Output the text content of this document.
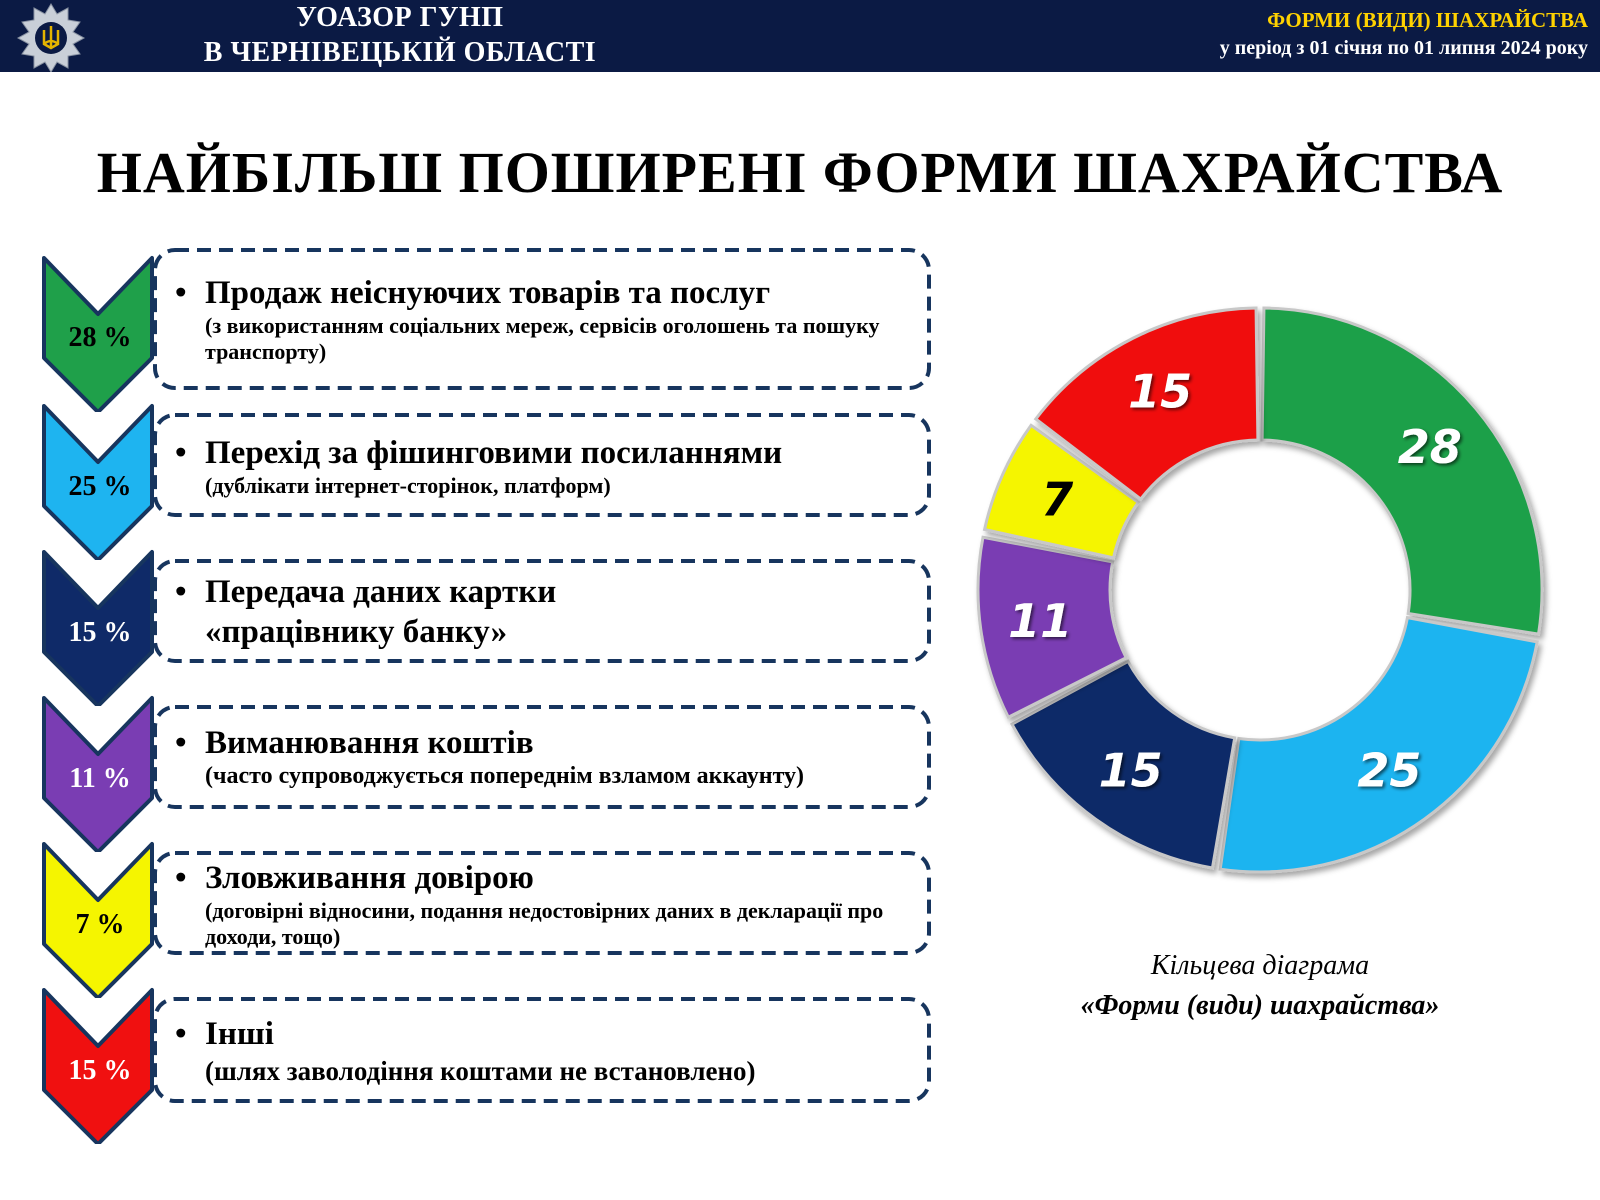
УОАЗОР ГУНП
В ЧЕРНІВЕЦЬКІЙ ОБЛАСТІ
ФОРМИ (ВИДИ) ШАХРАЙСТВА
у період з 01 січня по 01 липня 2024 року
НАЙБІЛЬШ ПОШИРЕНІ ФОРМИ ШАХРАЙСТВА
28 %
• Продаж неіснуючих товарів та послуг
(з використанням соціальних мереж, сервісів оголошень та пошуку транспорту)
25 %
• Перехід за фішинговими посиланнями
(дублікати інтернет-сторінок, платформ)
15 %
• Передача даних картки «працівнику банку»
11 %
• Виманювання коштів
(часто супроводжується попереднім взламом аккаунту)
7 %
• Зловживання довірою
(договірні відносини, подання недостовірних даних в декларації про доходи, тощо)
15 %
• Інші
(шлях заволодіння коштами не встановлено)
28
25
15
11
7
15
Кільцева діаграма
«Форми (види) шахрайства»
